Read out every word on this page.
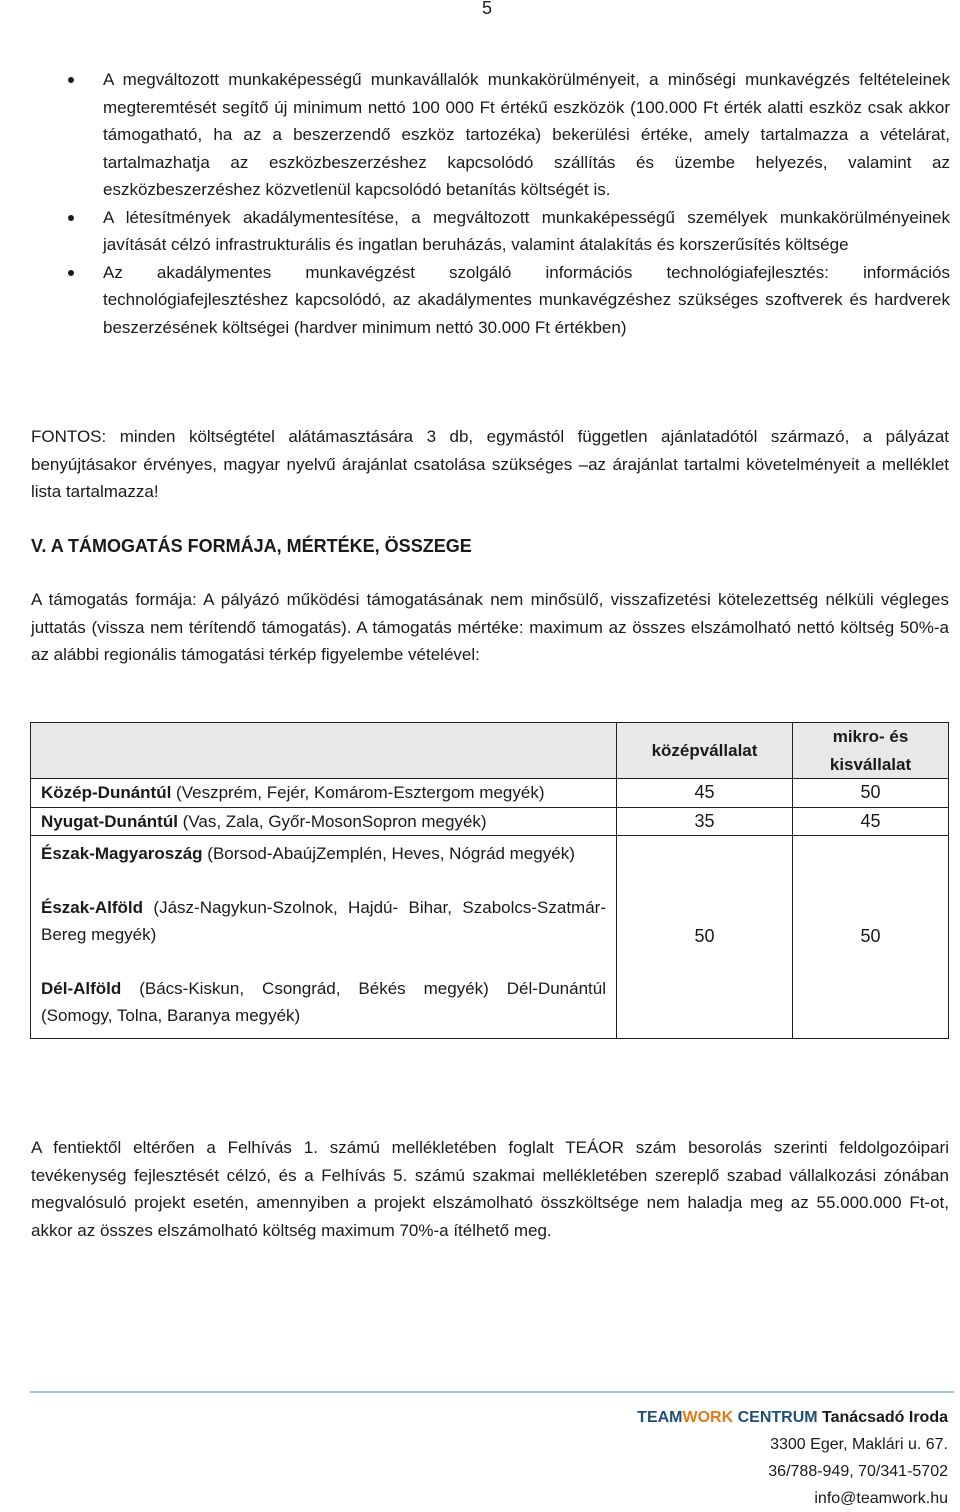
5
A megváltozott munkaképességű munkavállalók munkakörülményeit, a minőségi munkavégzés feltételeinek megteremtését segítő új minimum nettó 100 000 Ft értékű eszközök (100.000 Ft érték alatti eszköz csak akkor támogatható, ha az a beszerzendő eszköz tartozéka) bekerülési értéke, amely tartalmazza a vételárat, tartalmazhatja az eszközbeszerzéshez kapcsolódó szállítás és üzembe helyezés, valamint az eszközbeszerzéshez közvetlenül kapcsolódó betanítás költségét is.
A létesítmények akadálymentesítése, a megváltozott munkaképességű személyek munkakörülményeinek javítását célzó infrastrukturális és ingatlan beruházás, valamint átalakítás és korszerűsítés költsége
Az akadálymentes munkavégzést szolgáló információs technológiafejlesztés: információs technológiafejlesztéshez kapcsolódó, az akadálymentes munkavégzéshez szükséges szoftverek és hardverek beszerzésének költségei (hardver minimum nettó 30.000 Ft értékben)

FONTOS: minden költségtétel alátámasztására 3 db, egymástól független ajánlatadótól származó, a pályázat benyújtásakor érvényes, magyar nyelvű árajánlat csatolása szükséges –az árajánlat tartalmi követelményeit a melléklet lista tartalmazza!

V. A TÁMOGATÁS FORMÁJA, MÉRTÉKE, ÖSSZEGE

A támogatás formája: A pályázó működési támogatásának nem minősülő, visszafizetési kötelezettség nélküli végleges juttatás (vissza nem térítendő támogatás). A támogatás mértéke: maximum az összes elszámolható nettó költség 50%-a az alábbi regionális támogatási térkép figyelembe vételével:

	középvállalat	mikro- és kisvállalat
Közép-Dunántúl (Veszprém, Fejér, Komárom-Esztergom megyék)	45	50
Nyugat-Dunántúl (Vas, Zala, Győr-MosonSopron megyék)	35	45

Észak-Magyaroszág (Borsod-AbaújZemplén, Heves, Nógrád megyék)
Észak-Alföld (Jász-Nagykun-Szolnok, Hajdú- Bihar, Szabolcs-Szatmár-Bereg megyék)
Dél-Alföld (Bács-Kiskun, Csongrád, Békés megyék) Dél-Dunántúl (Somogy, Tolna, Baranya megyék)	50	50

A fentiektől eltérően a Felhívás 1. számú mellékletében foglalt TEÁOR szám besorolás szerinti feldolgozóipari tevékenység fejlesztését célzó, és a Felhívás 5. számú szakmai mellékletében szereplő szabad vállalkozási zónában megvalósuló projekt esetén, amennyiben a projekt elszámolható összköltsége nem haladja meg az 55.000.000 Ft-ot, akkor az összes elszámolható költség maximum 70%-a ítélhető meg.

TEAMWORK CENTRUM Tanácsadó Iroda
3300 Eger, Maklári u. 67.
36/788-949, 70/341-5702
info@teamwork.hu
